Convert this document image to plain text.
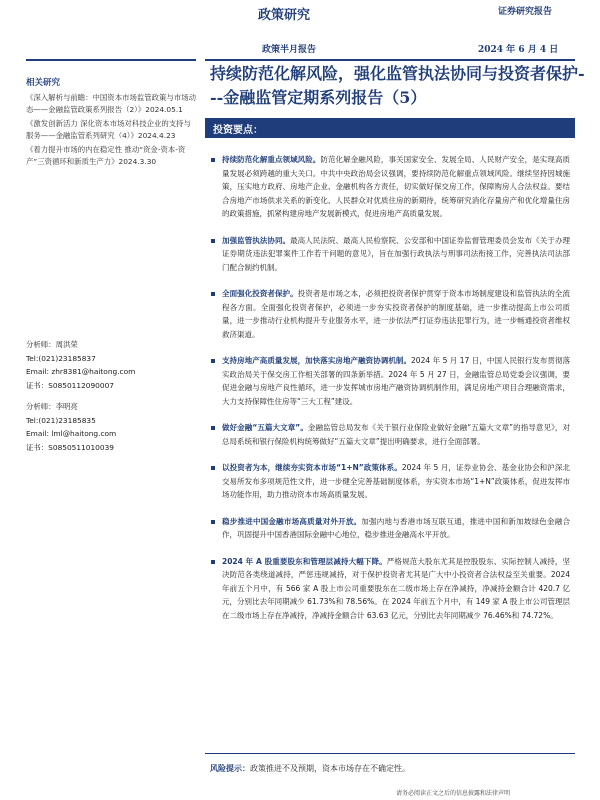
政策研究
政策半月报告
证券研究报告
2024 年 6 月 4 日
相关研究
《深入解析与前瞻：中国资本市场监管政策与市场动态——金融监管政策系列报告（2）》2024.05.1
《激发创新活力 深化资本市场对科技企业的支持与服务——金融监管系列研究（4）》2024.4.23
《着力提升市场的内在稳定性 推动“资金-资本-资产”三资循环和新质生产力》2024.3.30
分析师：周洪荣
Tel:(021)23185837
Email: zhr8381@haitong.com
证书：S0850112090007
分析师：李明亮
Tel:(021)23185835
Email: lml@haitong.com
证书：S0850511010039
持续防范化解风险，强化监管执法协同与投资者保护---金融监管定期系列报告（5）
投资要点：
持续防范化解重点领域风险。防范化解金融风险，事关国家安全、发展全局、人民财产安全，是实现高质量发展必须跨越的重大关口。中共中央政治局会议强调，要持续防范化解重点领域风险。继续坚持因城施策，压实地方政府、房地产企业、金融机构各方责任，切实做好保交房工作，保障购房人合法权益。要结合房地产市场供求关系的新变化、人民群众对优质住房的新期待，统筹研究消化存量房产和优化增量住房的政策措施，抓紧构建房地产发展新模式，促进房地产高质量发展。
加强监管执法协同。最高人民法院、最高人民检察院、公安部和中国证券监督管理委员会发布《关于办理证券期货违法犯罪案件工作若干问题的意见》，旨在加强行政执法与刑事司法衔接工作，完善执法司法部门配合制约机制。
全面强化投资者保护。投资者是市场之本，必须把投资者保护贯穿于资本市场制度建设和监管执法的全流程各方面。全面强化投资者保护，必须进一步夯实投资者保护的制度基础，进一步推动提高上市公司质量，进一步推动行业机构提升专业服务水平，进一步依法严打证券违法犯罪行为，进一步畅通投资者维权救济渠道。
支持房地产高质量发展，加快落实房地产融资协调机制。2024 年 5 月 17 日，中国人民银行发布贯彻落实政治局关于保交房工作相关部署的四条新举措。2024 年 5 月 27 日，金融监管总局党委会议强调，要促进金融与房地产良性循环，进一步发挥城市房地产融资协调机制作用，满足房地产项目合理融资需求，大力支持保障性住房等“三大工程”建设。
做好金融“五篇大文章”。金融监管总局发布《关于银行业保险业做好金融“五篇大文章”的指导意见》，对总局系统和银行保险机构统筹做好“五篇大文章”提出明确要求，进行全面部署。
以投资者为本，继续夯实资本市场“1+N”政策体系。2024 年 5 月，证券业协会、基金业协会和沪深北交易所发布多项规范性文件，进一步健全完善基础制度体系，夯实资本市场“1+N”政策体系，促进发挥市场功能作用，助力推动资本市场高质量发展。
稳步推进中国金融市场高质量对外开放。加强内地与香港市场互联互通，推进中国和新加坡绿色金融合作，巩固提升中国香港国际金融中心地位，稳步推进金融高水平开放。
2024 年 A 股重要股东和管理层减持大幅下降。严格规范大股东尤其是控股股东、实际控制人减持，坚决防范各类绕道减持，严惩违规减持，对于保护投资者尤其是广大中小投资者合法权益至关重要。2024 年前五个月中，有 566 家 A 股上市公司重要股东在二级市场上存在净减持，净减持金额合计 420.7 亿元，分别比去年同期减少 61.73%和 78.56%。在 2024 年前五个月中，有 149 家 A 股上市公司管理层在二级市场上存在净减持，净减持金额合计 63.63 亿元，分别比去年同期减少 76.46%和 74.72%。
风险提示：政策推进不及预期，资本市场存在不确定性。
请务必阅读正文之后的信息披露和法律声明
